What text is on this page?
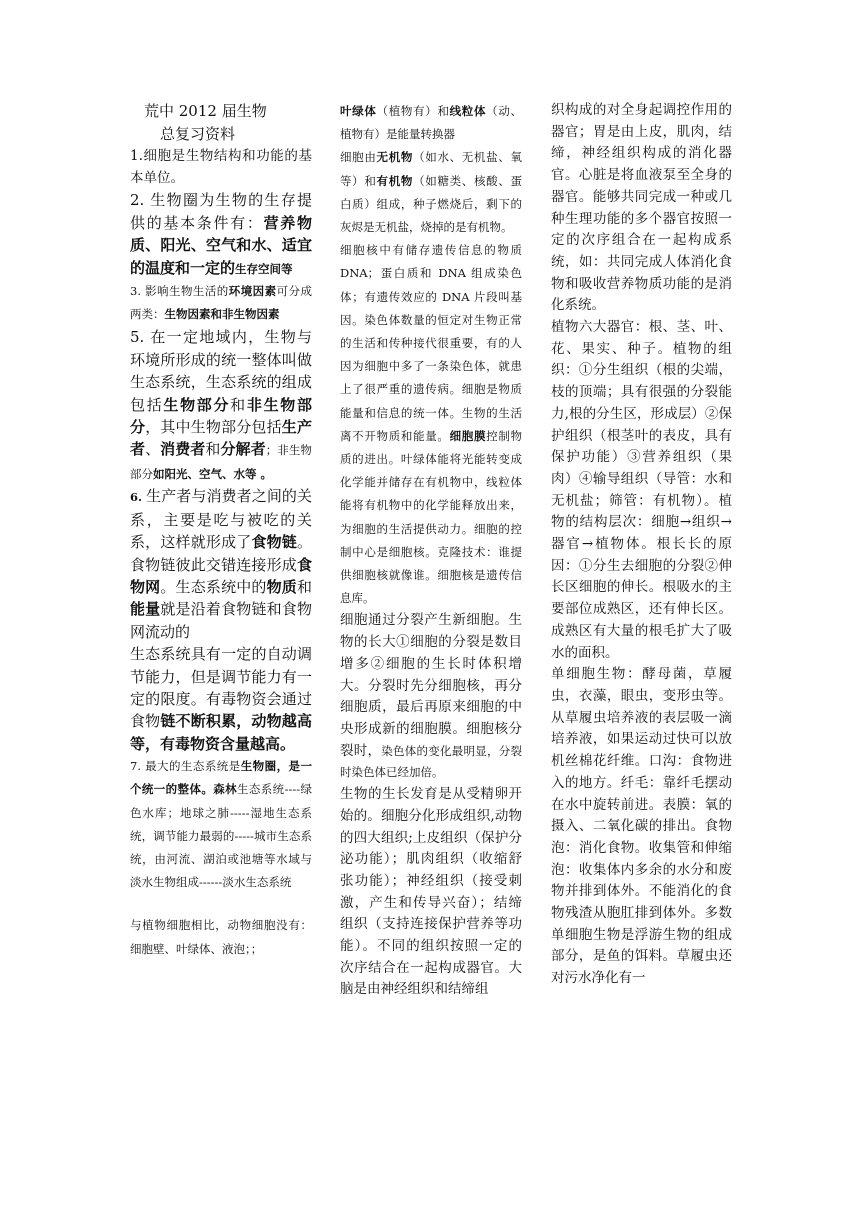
荒中 2012 届生物

总复习资料

1.细胞是生物结构和功能的基本单位。

2. 生物圈为生物的生存提供的基本条件有：营养物质、阳光、空气和水、适宜的温度和一定的生存空间等

3. 影响生物生活的环境因素可分成两类：生物因素和非生物因素

5. 在一定地域内，生物与环境所形成的统一整体叫做生态系统，生态系统的组成包括生物部分和非生物部分，其中生物部分包括生产者、消费者和分解者；非生物部分如阳光、空气、水等 。

6. 生产者与消费者之间的关系，主要是吃与被吃的关系，这样就形成了食物链。食物链彼此交错连接形成食物网。生态系统中的物质和能量就是沿着食物链和食物网流动的
生态系统具有一定的自动调节能力，但是调节能力有一定的限度。有毒物资会通过食物链不断积累，动物越高等，有毒物资含量越高。

7. 最大的生态系统是生物圈，是一个统一的整体。森林生态系统----绿色水库；地球之肺-----湿地生态系统，调节能力最弱的-----城市生态系统，由河流、湖泊或池塘等水域与淡水生物组成------淡水生态系统

与植物细胞相比，动物细胞没有：细胞壁、叶绿体、液泡；；

叶绿体（植物有）和线粒体（动、植物有）是能量转换器

细胞由无机物（如水、无机盐、氧等）和有机物（如糖类、核酸、蛋白质）组成，种子燃烧后，剩下的灰烬是无机盐，烧掉的是有机物。

细胞核中有储存遗传信息的物质 DNA；蛋白质和 DNA 组成染色体；有遗传效应的 DNA 片段叫基因。染色体数量的恒定对生物正常的生活和传种接代很重要，有的人因为细胞中多了一条染色体，就患上了很严重的遗传病。细胞是物质能量和信息的统一体。生物的生活离不开物质和能量。细胞膜控制物质的进出。叶绿体能将光能转变成化学能并储存在有机物中，线粒体能将有机物中的化学能释放出来，为细胞的生活提供动力。细胞的控制中心是细胞核。克隆技术：谁提供细胞核就像谁。细胞核是遗传信息库。

细胞通过分裂产生新细胞。生物的长大①细胞的分裂是数目增多②细胞的生长时体积增大。分裂时先分细胞核，再分细胞质，最后再原来细胞的中央形成新的细胞膜。细胞核分裂时，染色体的变化最明显，分裂时染色体已经加倍。

生物的生长发育是从受精卵开始的。细胞分化形成组织,动物的四大组织;上皮组织（保护分泌功能）；肌肉组织（收缩舒张功能）；神经组织（接受刺激，产生和传导兴奋）；结缔组织（支持连接保护营养等功能）。不同的组织按照一定的次序结合在一起构成器官。大脑是由神经组织和结缔组

织构成的对全身起调控作用的器官；胃是由上皮，肌肉，结缔，神经组织构成的消化器官。心脏是将血液泵至全身的器官。能够共同完成一种或几种生理功能的多个器官按照一定的次序组合在一起构成系统，如：共同完成人体消化食物和吸收营养物质功能的是消化系统。

植物六大器官：根、茎、叶、花、果实、种子。植物的组织：①分生组织（根的尖端，枝的顶端；具有很强的分裂能力,根的分生区，形成层）②保护组织（根茎叶的表皮，具有保护功能）③营养组织（果肉）④输导组织（导管：水和无机盐；筛管：有机物）。植物的结构层次：细胞→组织→器官→植物体。根长长的原因：①分生去细胞的分裂②伸长区细胞的伸长。根吸水的主要部位成熟区，还有伸长区。成熟区有大量的根毛扩大了吸水的面积。

单细胞生物：酵母菌，草履虫，衣藻，眼虫，变形虫等。从草履虫培养液的表层吸一滴培养液，如果运动过快可以放机丝棉花纤维。口沟：食物进入的地方。纤毛：靠纤毛摆动在水中旋转前进。表膜：氧的摄入、二氧化碳的排出。食物泡：消化食物。收集管和伸缩泡：收集体内多余的水分和废物并排到体外。不能消化的食物残渣从胞肛排到体外。多数单细胞生物是浮游生物的组成部分，是鱼的饵料。草履虫还对污水净化有一
